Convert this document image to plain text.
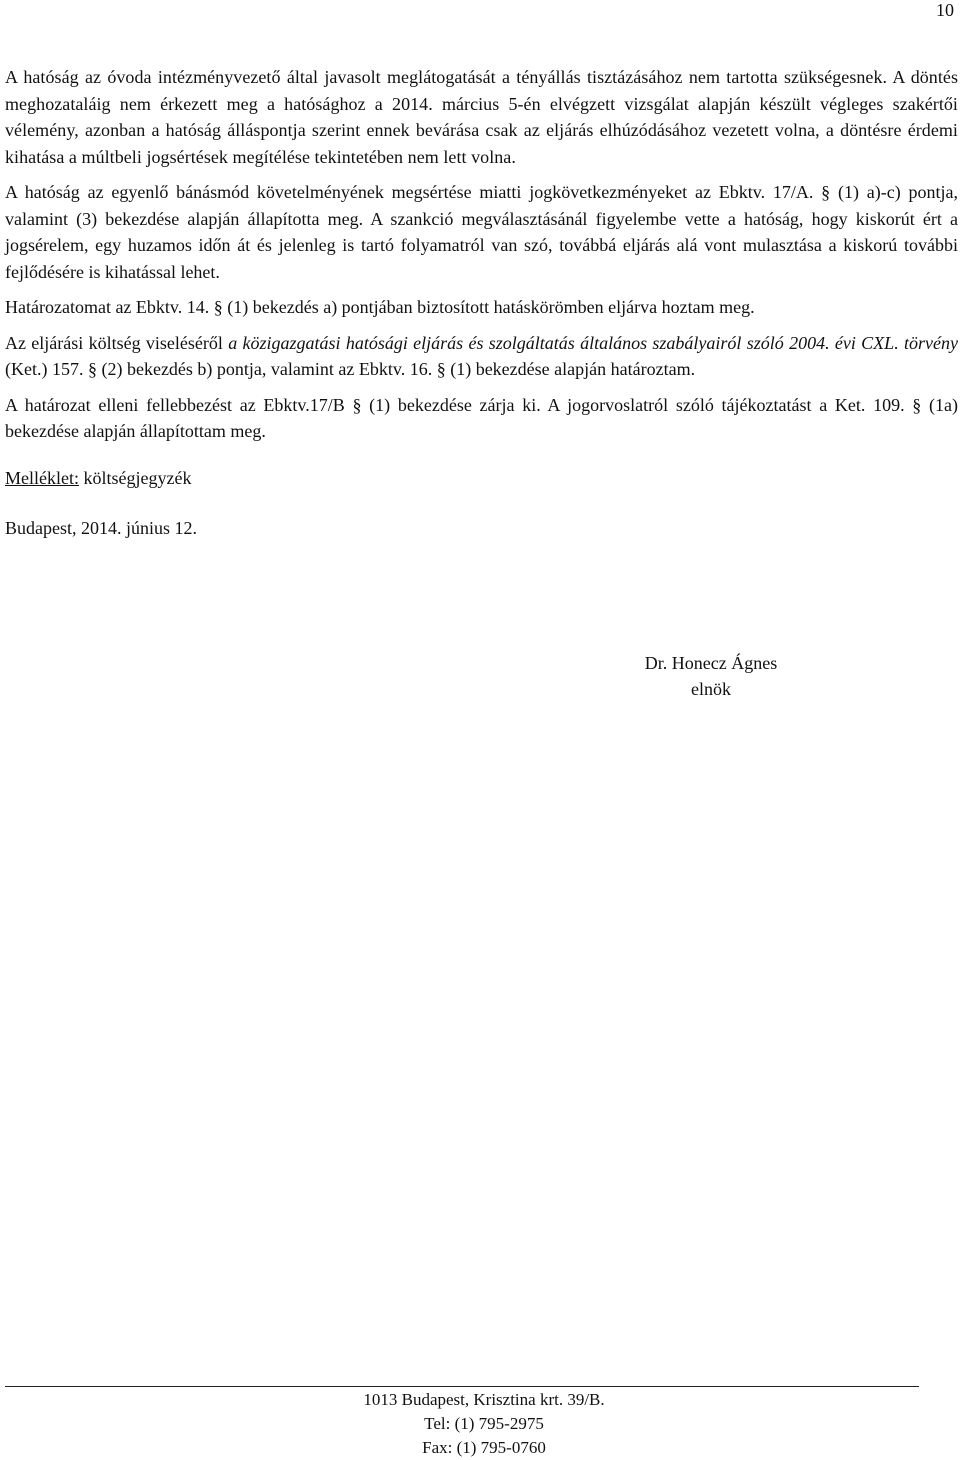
10

A hatóság az óvoda intézményvezető által javasolt meglátogatását a tényállás tisztázásához nem tartotta szükségesnek. A döntés meghozataláig nem érkezett meg a hatósághoz a 2014. március 5-én elvégzett vizsgálat alapján készült végleges szakértői vélemény, azonban a hatóság álláspontja szerint ennek bevárása csak az eljárás elhúzódásához vezetett volna, a döntésre érdemi kihatása a múltbeli jogsértések megítélése tekintetében nem lett volna.

A hatóság az egyenlő bánásmód követelményének megsértése miatti jogkövetkezményeket az Ebktv. 17/A. § (1) a)-c) pontja, valamint (3) bekezdése alapján állapította meg. A szankció megválasztásánál figyelembe vette a hatóság, hogy kiskorút ért a jogsérelem, egy huzamos időn át és jelenleg is tartó folyamatról van szó, továbbá eljárás alá vont mulasztása a kiskorú további fejlődésére is kihatással lehet.

Határozatomat az Ebktv. 14. § (1) bekezdés a) pontjában biztosított hatáskörömben eljárva hoztam meg.

Az eljárási költség viseléséről a közigazgatási hatósági eljárás és szolgáltatás általános szabályairól szóló 2004. évi CXL. törvény (Ket.) 157. § (2) bekezdés b) pontja, valamint az Ebktv. 16. § (1) bekezdése alapján határoztam.

A határozat elleni fellebbezést az Ebktv.17/B § (1) bekezdése zárja ki. A jogorvoslatról szóló tájékoztatást a Ket. 109. § (1a) bekezdése alapján állapítottam meg.

Melléklet: költségjegyzék
Budapest, 2014. június 12.
Dr. Honecz Ágnes
elnök
1013 Budapest, Krisztina krt. 39/B.
Tel: (1) 795-2975
Fax: (1) 795-0760
